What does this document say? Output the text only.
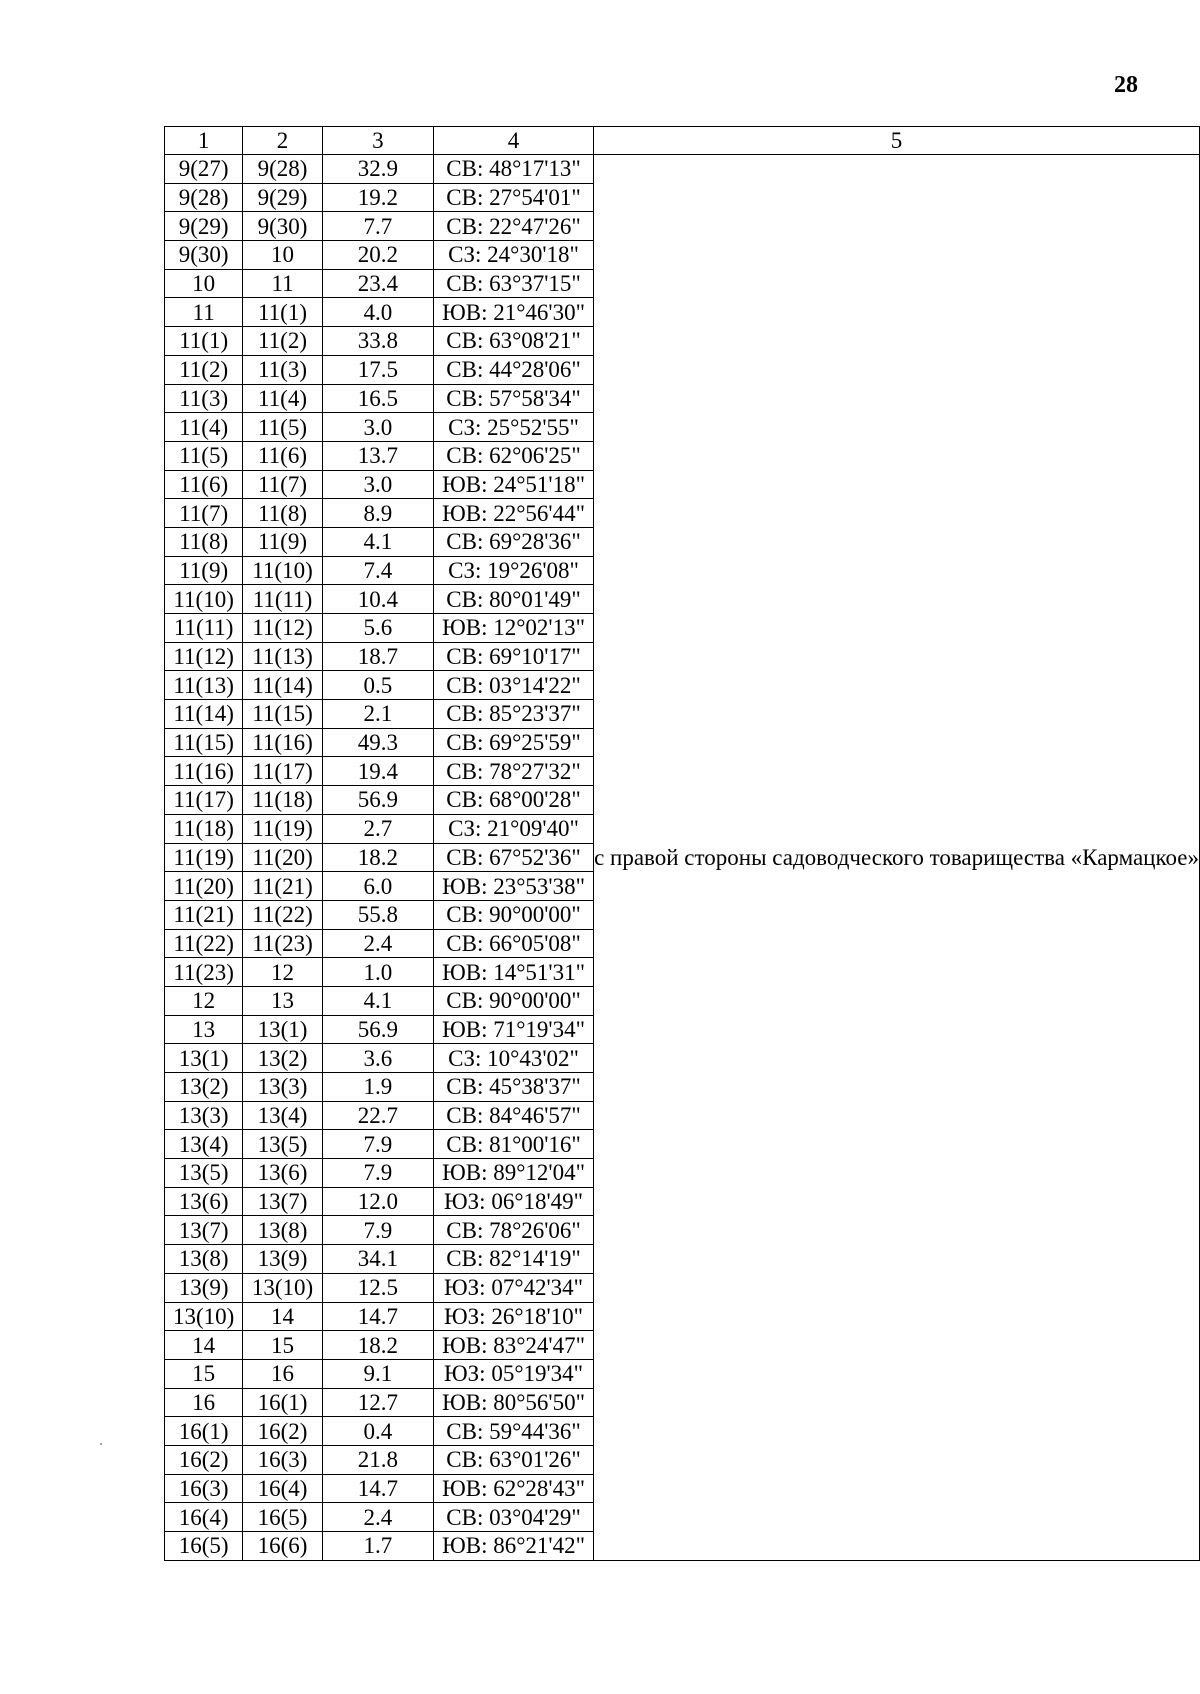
28
1	2	3	4	5
9(27)	9(28)	32.9	СВ: 48°17'13"	с правой стороны садоводческого товарищества «Кармацкое»
9(28)	9(29)	19.2	СВ: 27°54'01"	
9(29)	9(30)	7.7	СВ: 22°47'26"	
9(30)	10	20.2	СЗ: 24°30'18"	
10	11	23.4	СВ: 63°37'15"	
11	11(1)	4.0	ЮВ: 21°46'30"	
11(1)	11(2)	33.8	СВ: 63°08'21"	
11(2)	11(3)	17.5	СВ: 44°28'06"	
11(3)	11(4)	16.5	СВ: 57°58'34"	
11(4)	11(5)	3.0	СЗ: 25°52'55"	
11(5)	11(6)	13.7	СВ: 62°06'25"	
11(6)	11(7)	3.0	ЮВ: 24°51'18"	
11(7)	11(8)	8.9	ЮВ: 22°56'44"	
11(8)	11(9)	4.1	СВ: 69°28'36"	
11(9)	11(10)	7.4	СЗ: 19°26'08"	
11(10)	11(11)	10.4	СВ: 80°01'49"	
11(11)	11(12)	5.6	ЮВ: 12°02'13"	
11(12)	11(13)	18.7	СВ: 69°10'17"	
11(13)	11(14)	0.5	СВ: 03°14'22"	
11(14)	11(15)	2.1	СВ: 85°23'37"	
11(15)	11(16)	49.3	СВ: 69°25'59"	
11(16)	11(17)	19.4	СВ: 78°27'32"	
11(17)	11(18)	56.9	СВ: 68°00'28"	
11(18)	11(19)	2.7	СЗ: 21°09'40"	
11(19)	11(20)	18.2	СВ: 67°52'36"	
11(20)	11(21)	6.0	ЮВ: 23°53'38"	
11(21)	11(22)	55.8	СВ: 90°00'00"	
11(22)	11(23)	2.4	СВ: 66°05'08"	
11(23)	12	1.0	ЮВ: 14°51'31"	
12	13	4.1	СВ: 90°00'00"	
13	13(1)	56.9	ЮВ: 71°19'34"	
13(1)	13(2)	3.6	СЗ: 10°43'02"	
13(2)	13(3)	1.9	СВ: 45°38'37"	
13(3)	13(4)	22.7	СВ: 84°46'57"	
13(4)	13(5)	7.9	СВ: 81°00'16"	
13(5)	13(6)	7.9	ЮВ: 89°12'04"	
13(6)	13(7)	12.0	ЮЗ: 06°18'49"	
13(7)	13(8)	7.9	СВ: 78°26'06"	
13(8)	13(9)	34.1	СВ: 82°14'19"	
13(9)	13(10)	12.5	ЮЗ: 07°42'34"	
13(10)	14	14.7	ЮЗ: 26°18'10"	
14	15	18.2	ЮВ: 83°24'47"	
15	16	9.1	ЮЗ: 05°19'34"	
16	16(1)	12.7	ЮВ: 80°56'50"	
16(1)	16(2)	0.4	СВ: 59°44'36"	
16(2)	16(3)	21.8	СВ: 63°01'26"	
16(3)	16(4)	14.7	ЮВ: 62°28'43"	
16(4)	16(5)	2.4	СВ: 03°04'29"	
16(5)	16(6)	1.7	ЮВ: 86°21'42"	
